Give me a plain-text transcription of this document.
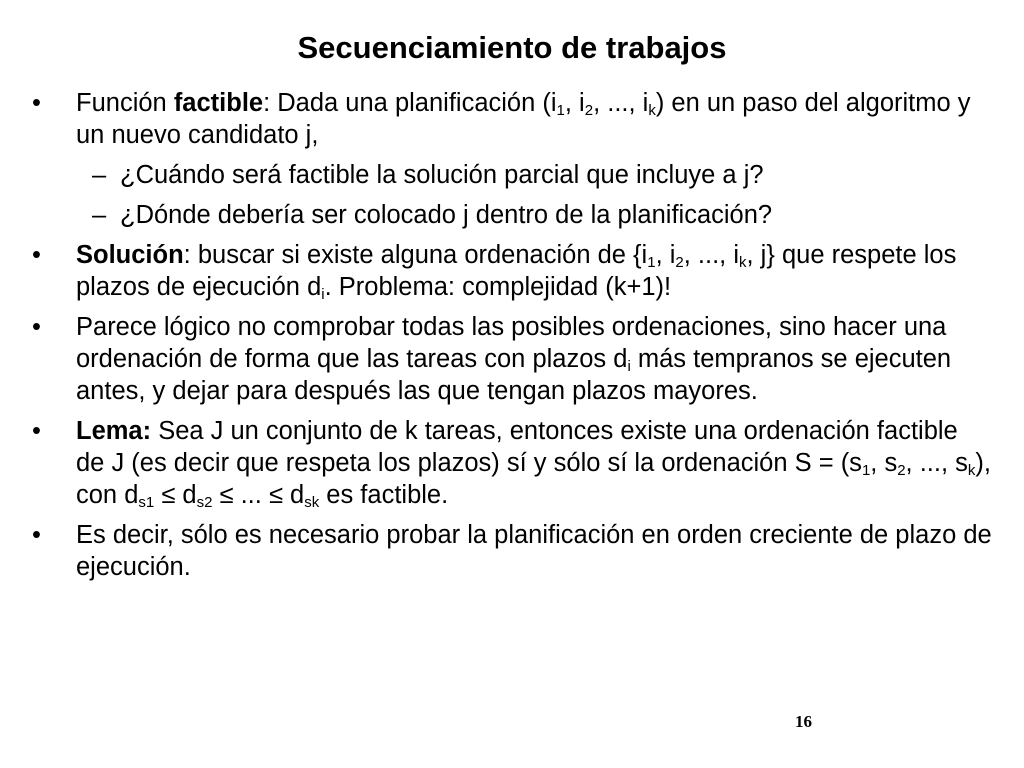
Secuenciamiento de trabajos
• Función factible: Dada una planificación ($i_1$, $i_2$, ..., $i_k$) en un paso del algoritmo y un nuevo candidato j,
– ¿Cuándo será factible la solución parcial que incluye a j?
– ¿Dónde debería ser colocado j dentro de la planificación?
• Solución: buscar si existe alguna ordenación de {$i_1$, $i_2$, ..., $i_k$, j} que respete los plazos de ejecución $d_i$. Problema: complejidad (k+1)!
• Parece lógico no comprobar todas las posibles ordenaciones, sino hacer una ordenación de forma que las tareas con plazos $d_i$ más tempranos se ejecuten antes, y dejar para después las que tengan plazos mayores.
• Lema: Sea J un conjunto de k tareas, entonces existe una ordenación factible de J (es decir que respeta los plazos) sí y sólo sí la ordenación $S = (s_1$, $s_2$, ..., $s_k$), con $d_{s1} \le d_{s2}$ ≤ ... ≤ $d_{sk}$ es factible.
• Es decir, sólo es necesario probar la planificación en orden creciente de plazo de ejecución.
16
